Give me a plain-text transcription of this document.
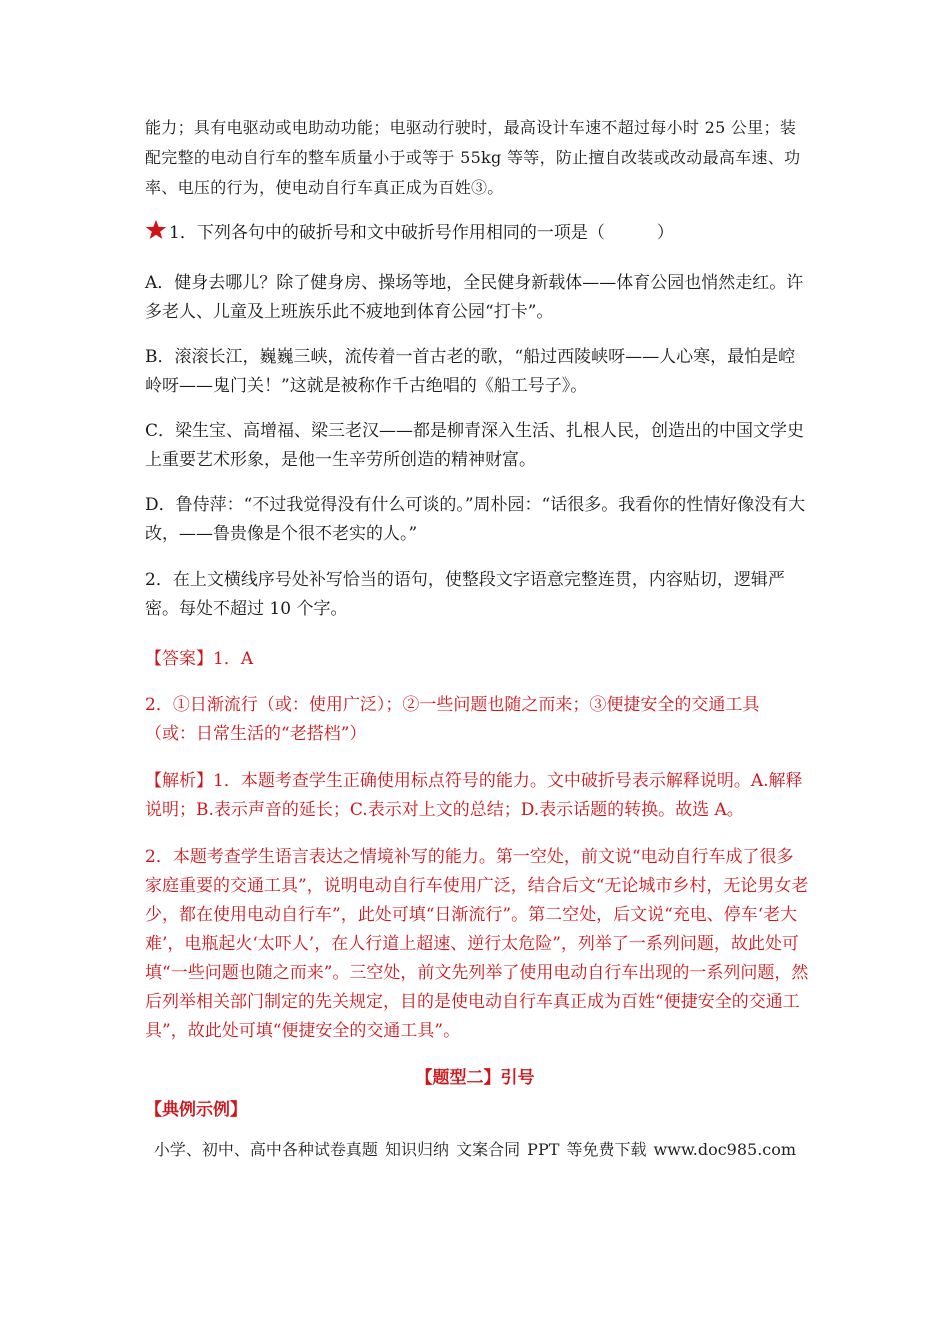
能力；具有电驱动或电助动功能；电驱动行驶时，最高设计车速不超过每小时 25 公里；装配完整的电动自行车的整车质量小于或等于 55kg 等等，防止擅自改装或改动最高车速、功率、电压的行为，使电动自行车真正成为百姓③。

1．下列各句中的破折号和文中破折号作用相同的一项是（	）

A．健身去哪儿？除了健身房、操场等地，全民健身新载体——体育公园也悄然走红。许多老人、儿童及上班族乐此不疲地到体育公园“打卡”。

B．滚滚长江，巍巍三峡，流传着一首古老的歌，“船过西陵峡呀——人心寒，最怕是崆岭呀——鬼门关！”这就是被称作千古绝唱的《船工号子》。

C．梁生宝、高增福、梁三老汉——都是柳青深入生活、扎根人民，创造出的中国文学史上重要艺术形象，是他一生辛劳所创造的精神财富。

D．鲁侍萍：“不过我觉得没有什么可谈的。”周朴园：“话很多。我看你的性情好像没有大改，——鲁贵像是个很不老实的人。”

2．在上文横线序号处补写恰当的语句，使整段文字语意完整连贯，内容贴切，逻辑严密。每处不超过 10 个字。

【答案】1．A

2．①日渐流行（或：使用广泛）；②一些问题也随之而来；③便捷安全的交通工具（或：日常生活的“老搭档”）

【解析】1．本题考查学生正确使用标点符号的能力。文中破折号表示解释说明。A.解释说明；B.表示声音的延长；C.表示对上文的总结；D.表示话题的转换。故选 A。

2．本题考查学生语言表达之情境补写的能力。第一空处，前文说“电动自行车成了很多家庭重要的交通工具”，说明电动自行车使用广泛，结合后文“无论城市乡村，无论男女老少，都在使用电动自行车”，此处可填“日渐流行”。第二空处，后文说“充电、停车‘老大难’，电瓶起火‘太吓人’，在人行道上超速、逆行太危险”，列举了一系列问题，故此处可填“一些问题也随之而来”。三空处，前文先列举了使用电动自行车出现的一系列问题，然后列举相关部门制定的先关规定，目的是使电动自行车真正成为百姓“便捷安全的交通工具”，故此处可填“便捷安全的交通工具”。

【题型二】引号
【典例示例】
小学、初中、高中各种试卷真题 知识归纳 文案合同 PPT 等免费下载 www.doc985.com
